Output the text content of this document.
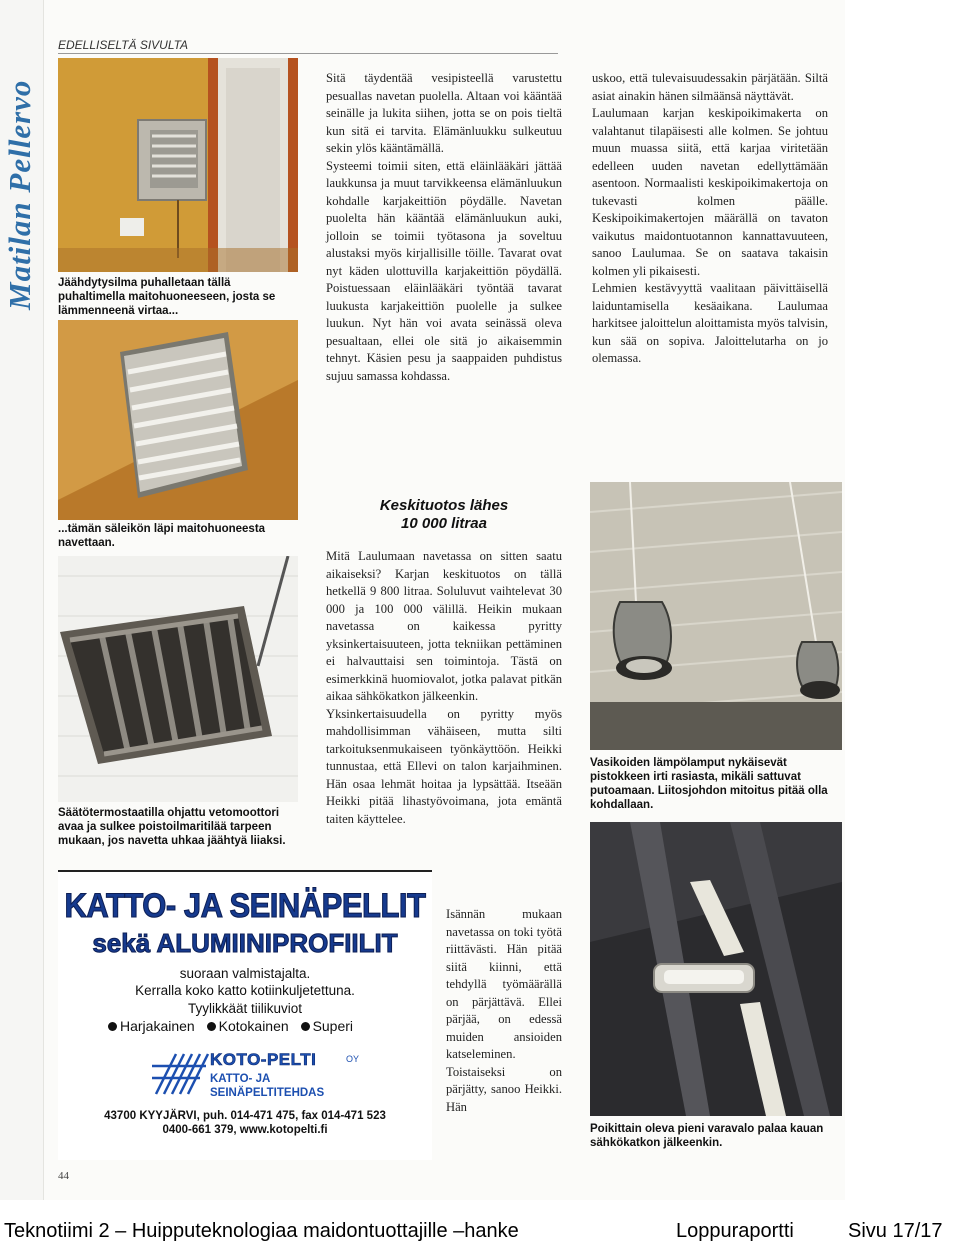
Matilan Pellervo
EDELLISELTÄ SIVULTA
Jäähdytysilma puhalletaan tällä puhaltimella maitohuoneeseen, josta se lämmenneenä virtaa...
...tämän säleikön läpi maitohuoneesta navettaan.
Säätötermostaatilla ohjattu vetomoottori avaa ja sulkee poistoilmaritilää tarpeen mukaan, jos navetta uhkaa jäähtyä liiaksi.
Sitä täydentää vesipisteellä varustettu pesuallas navetan puolella. Altaan voi kääntää seinälle ja lukita siihen, jotta se on pois tieltä kun sitä ei tarvita. Elämänluukku sulkeutuu sekin ylös kääntämällä.
Systeemi toimii siten, että eläinlääkäri jättää laukkunsa ja muut tarvikkeensa elämänluukun kohdalle karjakeittiön pöydälle. Navetan puolelta hän kääntää elämänluukun auki, jolloin se toimii työtasona ja soveltuu alustaksi myös kirjallisille töille. Tavarat ovat nyt käden ulottuvilla karjakeittiön pöydällä. Poistuessaan eläinlääkäri työntää tavarat luukusta karjakeittiön puolelle ja sulkee luukun. Nyt hän voi avata seinässä oleva pesualtaan, ellei ole sitä jo aikaisemmin tehnyt. Käsien pesu ja saappaiden puhdistus sujuu samassa kohdassa.
uskoo, että tulevaisuudessakin pärjätään. Siltä asiat ainakin hänen silmäänsä näyttävät.
Laulumaan karjan keskipoikimakerta on valahtanut tilapäisesti alle kolmen. Se johtuu muun muassa siitä, että karjaa viritetään edelleen uuden navetan edellyttämään asentoon. Normaalisti keskipoikimakertoja on tukevasti kolmen päälle. Keskipoikimakertojen määrällä on tavaton vaikutus maidontuotannon kannattavuuteen, sanoo Laulumaa. Se on saatava takaisin kolmen yli pikaisesti.
Lehmien kestävyyttä vaalitaan päivittäisellä laiduntamisella kesäaikana. Laulumaa harkitsee jaloittelun aloittamista myös talvisin, kun sää on sopiva. Jaloittelutarha on jo olemassa.
Vasikoiden lämpölamput nykäisevät pistokkeen irti rasiasta, mikäli sattuvat putoamaan. Liitosjohdon mitoitus pitää olla kohdallaan.
Keskituotos lähes
10 000 litraa
Mitä Laulumaan navetassa on sitten saatu aikaiseksi? Karjan keskituotos on tällä hetkellä 9 800 litraa. Soluluvut vaihtelevat 30 000 ja 100 000 välillä. Heikin mukaan navetassa on kaikessa pyritty yksinkertaisuuteen, jotta tekniikan pettäminen ei halvauttaisi sen toimintoja. Tästä on esimerkkinä huomiovalot, jotka palavat pitkän aikaa sähkökatkon jälkeenkin.
Yksinkertaisuudella on pyritty myös mahdollisimman vähäiseen, mutta silti tarkoituksenmukaiseen työnkäyttöön. Heikki tunnustaa, että Ellevi on talon karjaihminen. Hän osaa lehmät hoitaa ja lypsättää. Itseään Heikki pitää lihastyövoimana, jota emäntä taiten käyttelee.
Isännän mukaan navetassa on toki työtä riittävästi. Hän pitää siitä kiinni, että tehdyllä työmäärällä on pärjättävä. Ellei pärjää, on edessä muiden ansioiden katseleminen. Toistaiseksi on pärjätty, sanoo Heikki. Hän
Poikittain oleva pieni varavalo palaa kauan sähkökatkon jälkeenkin.
KATTO- JA SEINÄPELLIT
sekä ALUMIINIPROFIILIT
suoraan valmistajalta.
Kerralla koko katto kotiinkuljetettuna.
Tyylikkäät tiilikuviot
Harjakainen Kotokainen Superi
KOTO-PELTI	OY
KATTO- JA
SEINÄPELTITEHDAS
43700 KYYJÄRVI, puh. 014-471 475, fax 014-471 523
0400-661 379, www.kotopelti.fi
44
Teknotiimi 2 – Huipputeknologiaa maidontuottajille –hanke	Loppuraportti	Sivu 17/17
